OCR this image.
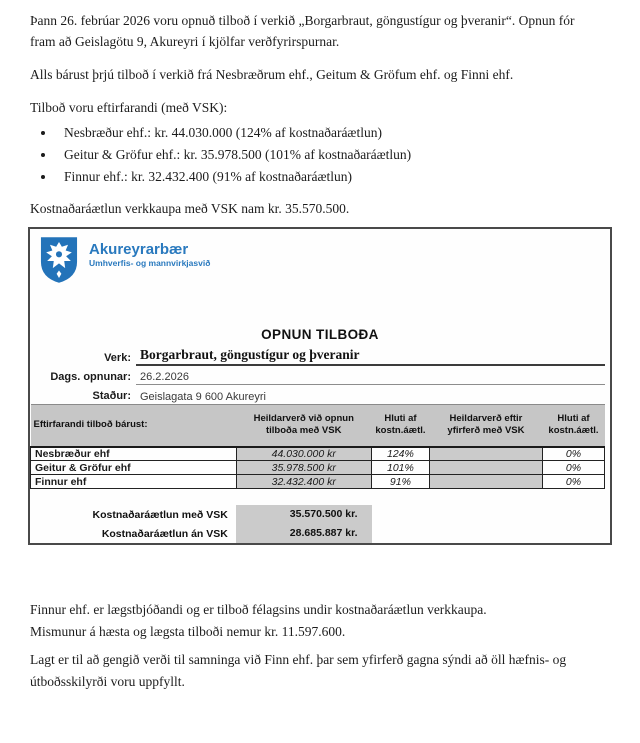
Þann 26. febrúar 2026 voru opnuð tilboð í verkið „Borgarbraut, göngustígur og þveranir“. Opnun fór
fram að Geislagötu 9, Akureyri í kjölfar verðfyrirspurnar.

Alls bárust þrjú tilboð í verkið frá Nesbræðrum ehf., Geitum & Gröfum ehf. og Finni ehf.

Tilboð voru eftirfarandi (með VSK):

• Nesbræður ehf.: kr. 44.030.000 (124% af kostnaðaráætlun)
• Geitur & Gröfur ehf.: kr. 35.978.500 (101% af kostnaðaráætlun)
• Finnur ehf.: kr. 32.432.400 (91% af kostnaðaráætlun)

Kostnaðaráætlun verkkaupa með VSK nam kr. 35.570.500.

Akureyrarbær
Umhverfis- og mannvirkjasvið
OPNUN TILBOÐA
Verk: Borgarbraut, göngustígur og þveranir
Dags. opnunar: 26.2.2026
Staður: Geislagata 9 600 Akureyri
Eftirfarandi tilboð bárust:	Heildarverð við opnun tilboða með VSK	Hluti af kostn.áætl.	Heildarverð eftir yfirferð með VSK	Hluti af kostn.áætl.
Nesbræður ehf	44.030.000 kr	124%		0%
Geitur & Gröfur ehf	35.978.500 kr	101%		0%
Finnur ehf	32.432.400 kr	91%		0%
Kostnaðaráætlun með VSK	35.570.500 kr.
Kostnaðaráætlun án VSK	28.685.887 kr.

Finnur ehf. er lægstbjóðandi og er tilboð félagsins undir kostnaðaráætlun verkkaupa.
Mismunur á hæsta og lægsta tilboði nemur kr. 11.597.600.

Lagt er til að gengið verði til samninga við Finn ehf. þar sem yfirferð gagna sýndi að öll hæfnis- og
útboðsskilyrði voru uppfyllt.
